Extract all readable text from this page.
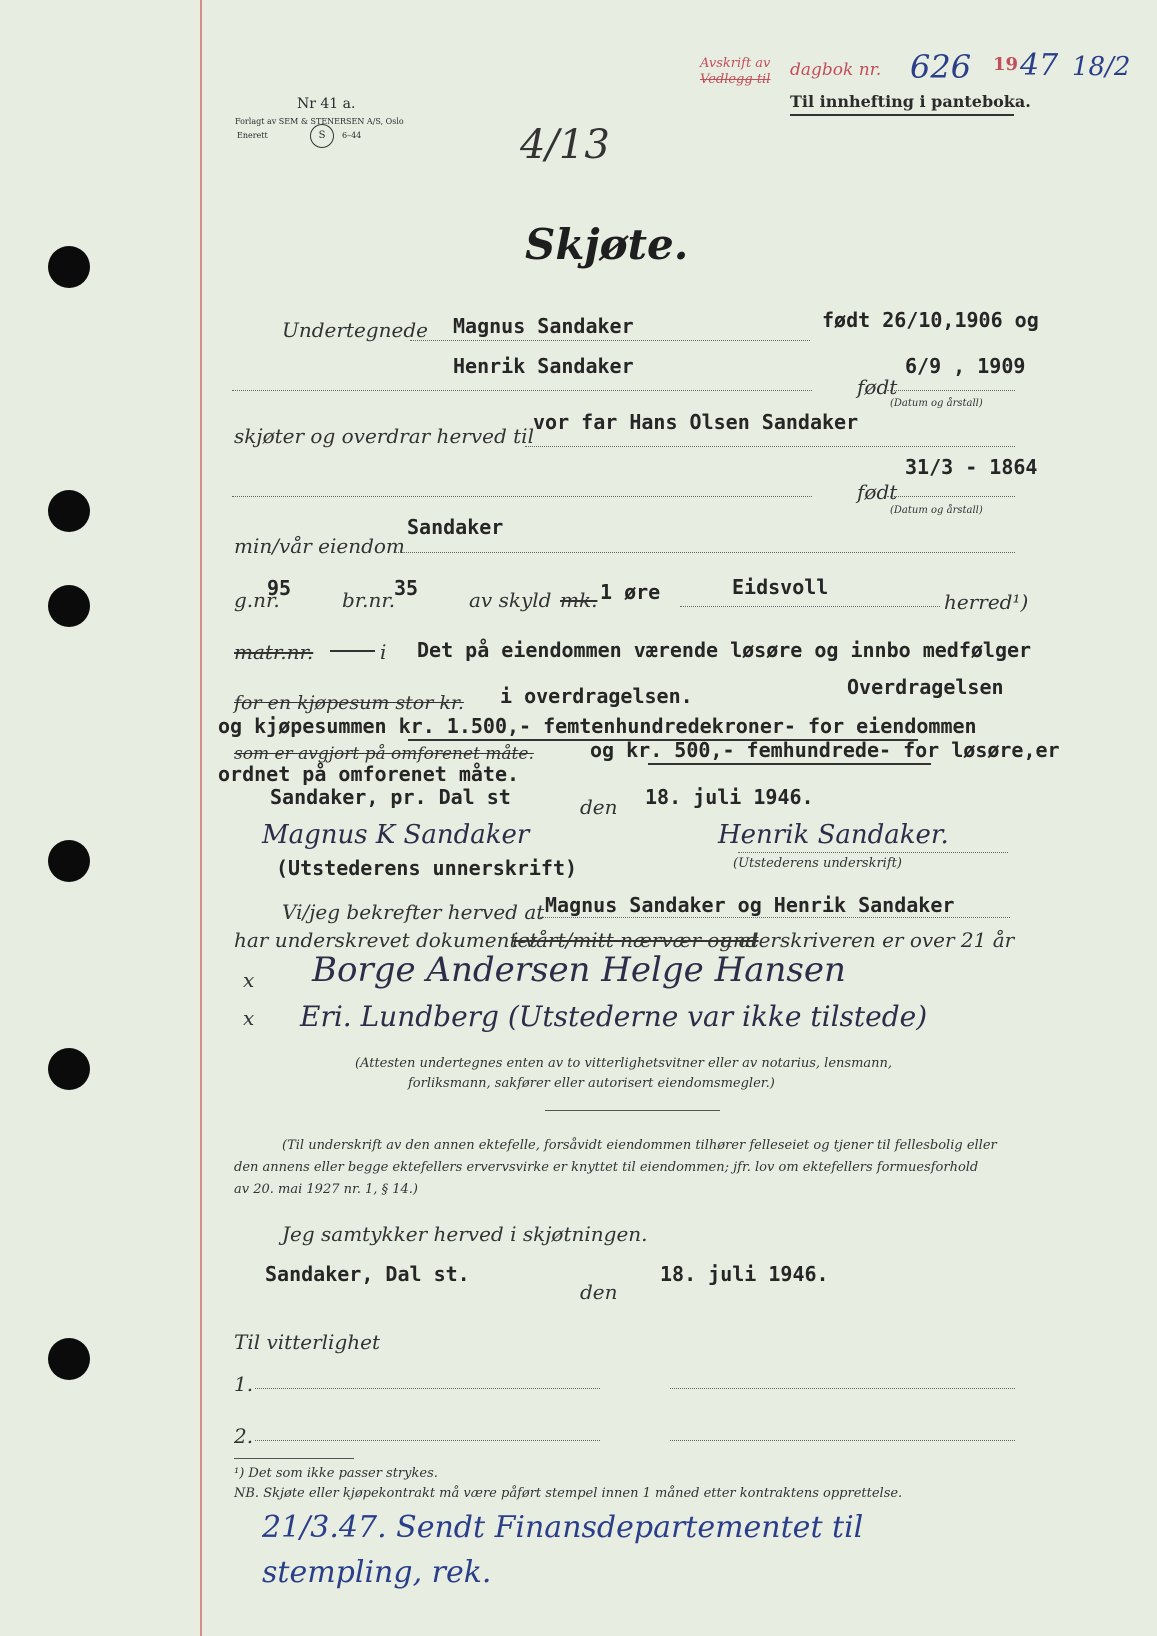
Avskrift av
Vedlegg til dagbok nr. 626 19 47 18/2
Til innhefting i panteboka.
Nr 41 a.
Forlagt av SEM & STENERSEN A/S, Oslo
Enerett	S	6–44	4/13
Skjøte.
Undertegnede Magnus Sandaker	født 26/10,1906 og
Henrik Sandaker
født
6/9 , 1909
(Datum og årstall)
skjøter og overdrar herved til
vor far Hans Olsen Sandaker
født
31/3 - 1864
(Datum og årstall)
min/vår eiendom
Sandaker
g.nr.
95	br.nr.
35	av skyld mk. 1 øre	Eidsvoll
herred¹)
matr.nr.	i Det på eiendommen værende løsøre og innbo medfølger
for en kjøpesum stor kr. i overdragelsen.	Overdragelsen
og kjøpesummen kr. 1.500,- femtenhundredekroner- for eiendommen
som er avgjort på omforenet måte.	og kr. 500,- femhundrede- for løsøre,er
ordnet på omforenet måte.
Sandaker, pr. Dal st	den 18. juli 1946.
Magnus K Sandaker	Henrik Sandaker.
(Utstederens unnerskrift)	(Utstederens underskrift)
Vi/jeg bekrefter herved at Magnus Sandaker og Henrik Sandaker
har underskrevet dokumentet
i vårt/mitt nærvær og at
underskriveren er over 21 år
x Borge Andersen Helge Hansen
x Eri. Lundberg (Utstederne var ikke tilstede)
(Attesten undertegnes enten av to vitterlighetsvitner eller av notarius, lensmann,
forliksmann, sakfører eller autorisert eiendomsmegler.)
(Til underskrift av den annen ektefelle, forsåvidt eiendommen tilhører felleseiet og tjener til fellesbolig eller
den annens eller begge ektefellers ervervsvirke er knyttet til eiendommen; jfr. lov om ektefellers formuesforhold
av 20. mai 1927 nr. 1, § 14.)
Jeg samtykker herved i skjøtningen.
Sandaker, Dal st.
den
18. juli 1946.
Til vitterlighet
1.
2.
¹) Det som ikke passer strykes.
NB. Skjøte eller kjøpekontrakt må være påført stempel innen 1 måned etter kontraktens opprettelse.
21/3.47. Sendt Finansdepartementet til
stempling, rek.
